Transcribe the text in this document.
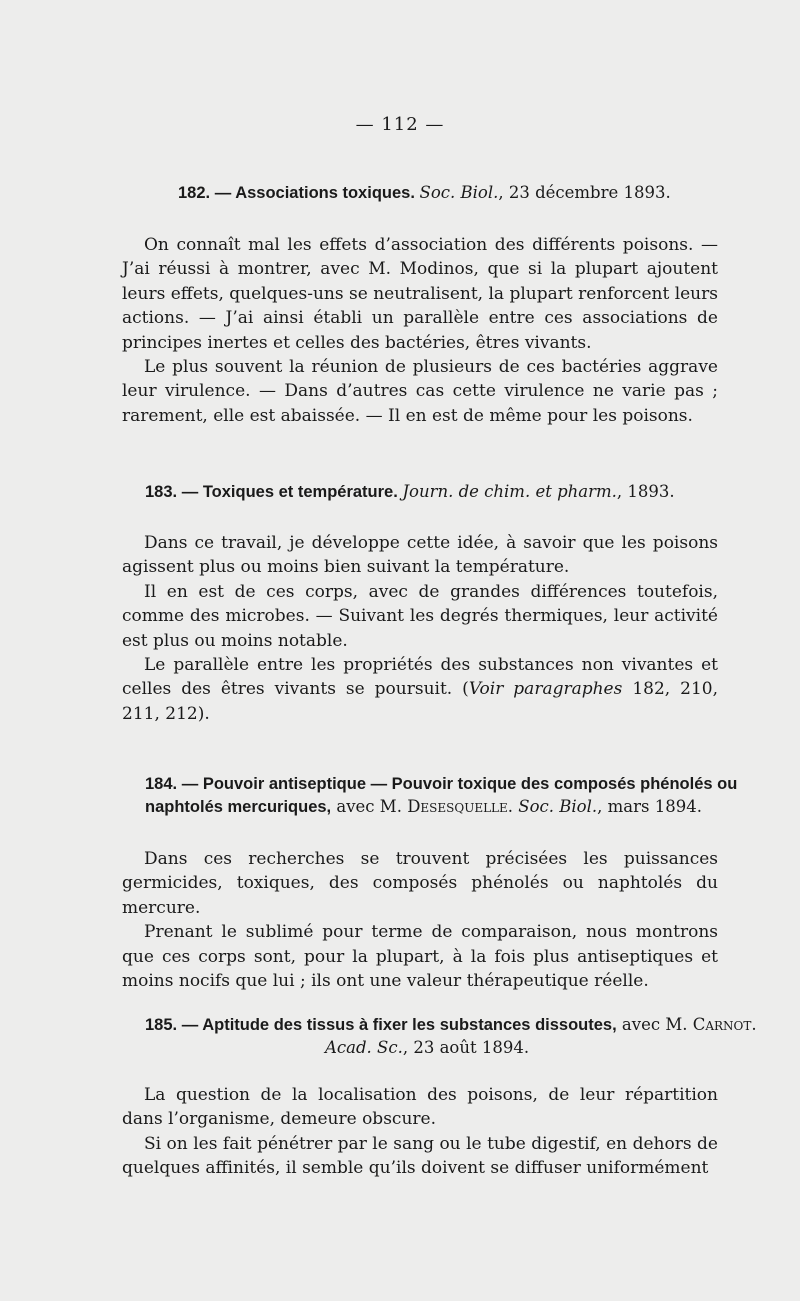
— 112 —
182. — Associations toxiques. Soc. Biol., 23 décembre 1893.

On connaît mal les effets d’association des différents poisons. — J’ai réussi à montrer, avec M. Modinos, que si la plupart ajoutent leurs effets, quelques-uns se neutralisent, la plupart renforcent leurs actions. — J’ai ainsi établi un parallèle entre ces associations de principes inertes et celles des bactéries, êtres vivants.

Le plus souvent la réunion de plusieurs de ces bactéries aggrave leur virulence. — Dans d’autres cas cette virulence ne varie pas ; rarement, elle est abaissée. — Il en est de même pour les poisons.

183. — Toxiques et température. Journ. de chim. et pharm., 1893.

Dans ce travail, je développe cette idée, à savoir que les poisons agissent plus ou moins bien suivant la température.

Il en est de ces corps, avec de grandes différences toutefois, comme des microbes. — Suivant les degrés thermiques, leur activité est plus ou moins notable.

Le parallèle entre les propriétés des substances non vivantes et celles des êtres vivants se poursuit. (Voir paragraphes 182, 210, 211, 212).

184. — Pouvoir antiseptique — Pouvoir toxique des composés phénolés ou
naphtolés mercuriques, avec M. Desesquelle. Soc. Biol., mars 1894.

Dans ces recherches se trouvent précisées les puissances germicides, toxiques, des composés phénolés ou naphtolés du mercure.

Prenant le sublimé pour terme de comparaison, nous montrons que ces corps sont, pour la plupart, à la fois plus antiseptiques et moins nocifs que lui ; ils ont une valeur thérapeutique réelle.

185. — Aptitude des tissus à fixer les substances dissoutes, avec M. Carnot.
Acad. Sc., 23 août 1894.

La question de la localisation des poisons, de leur répartition dans l’organisme, demeure obscure.

Si on les fait pénétrer par le sang ou le tube digestif, en dehors de quelques affinités, il semble qu’ils doivent se diffuser uniformément
